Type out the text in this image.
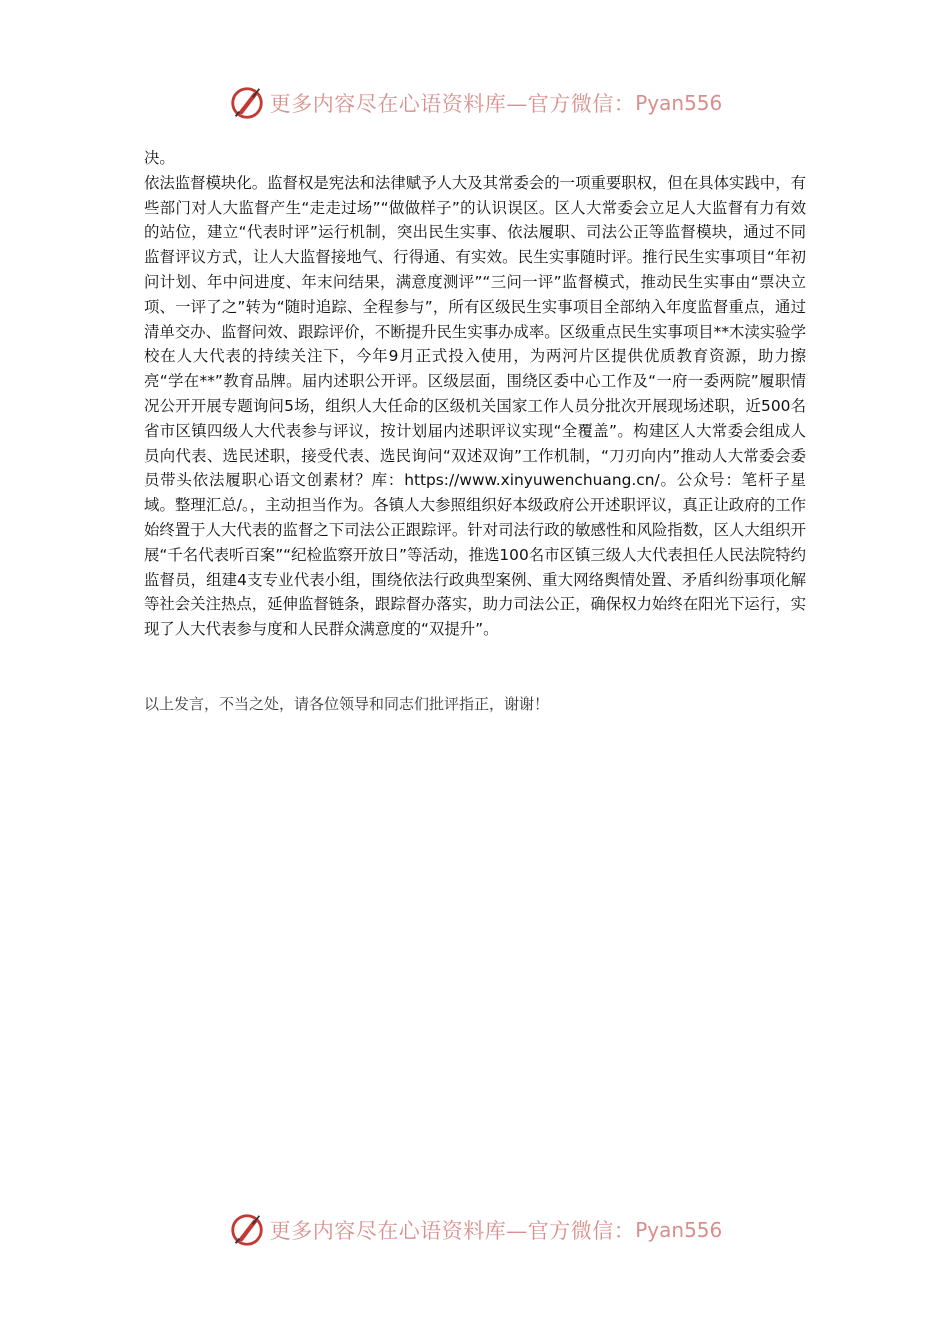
更多内容尽在心语资料库—官方微信： Pyan556

决。

依法监督模块化。监督权是宪法和法律赋予人大及其常委会的一项重要职权，但在具体实践中，有些部门对人大监督产生“走走过场”“做做样子”的认识误区。区人大常委会立足人大监督有力有效的站位，建立“代表时评”运行机制，突出民生实事、依法履职、司法公正等监督模块，通过不同监督评议方式，让人大监督接地气、行得通、有实效。民生实事随时评。推行民生实事项目“年初问计划、年中问进度、年末问结果，满意度测评”“三问一评”监督模式，推动民生实事由“票决立项、一评了之”转为“随时追踪、全程参与”，所有区级民生实事项目全部纳入年度监督重点，通过清单交办、监督问效、跟踪评价，不断提升民生实事办成率。区级重点民生实事项目**木渎实验学校在人大代表的持续关注下，今年9月正式投入使用，为两河片区提供优质教育资源，助力擦亮“学在**”教育品牌。届内述职公开评。区级层面，围绕区委中心工作及“一府一委两院”履职情况公开开展专题询问5场，组织人大任命的区级机关国家工作人员分批次开展现场述职，近500名省市区镇四级人大代表参与评议，按计划届内述职评议实现“全覆盖”。构建区人大常委会组成人员向代表、选民述职，接受代表、选民询问“双述双询”工作机制，“刀刃向内”推动人大常委会委员带头依法履职心语文创素材？库：https://www.xinyuwenchuang.cn/。公众号：笔杆子星域。整理汇总/。，主动担当作为。各镇人大参照组织好本级政府公开述职评议，真正让政府的工作始终置于人大代表的监督之下司法公正跟踪评。针对司法行政的敏感性和风险指数，区人大组织开展“千名代表听百案”“纪检监察开放日”等活动，推选100名市区镇三级人大代表担任人民法院特约监督员，组建4支专业代表小组，围绕依法行政典型案例、重大网络舆情处置、矛盾纠纷事项化解等社会关注热点，延伸监督链条，跟踪督办落实，助力司法公正，确保权力始终在阳光下运行，实现了人大代表参与度和人民群众满意度的“双提升”。

以上发言，不当之处，请各位领导和同志们批评指正，谢谢！
更多内容尽在心语资料库—官方微信： Pyan556
